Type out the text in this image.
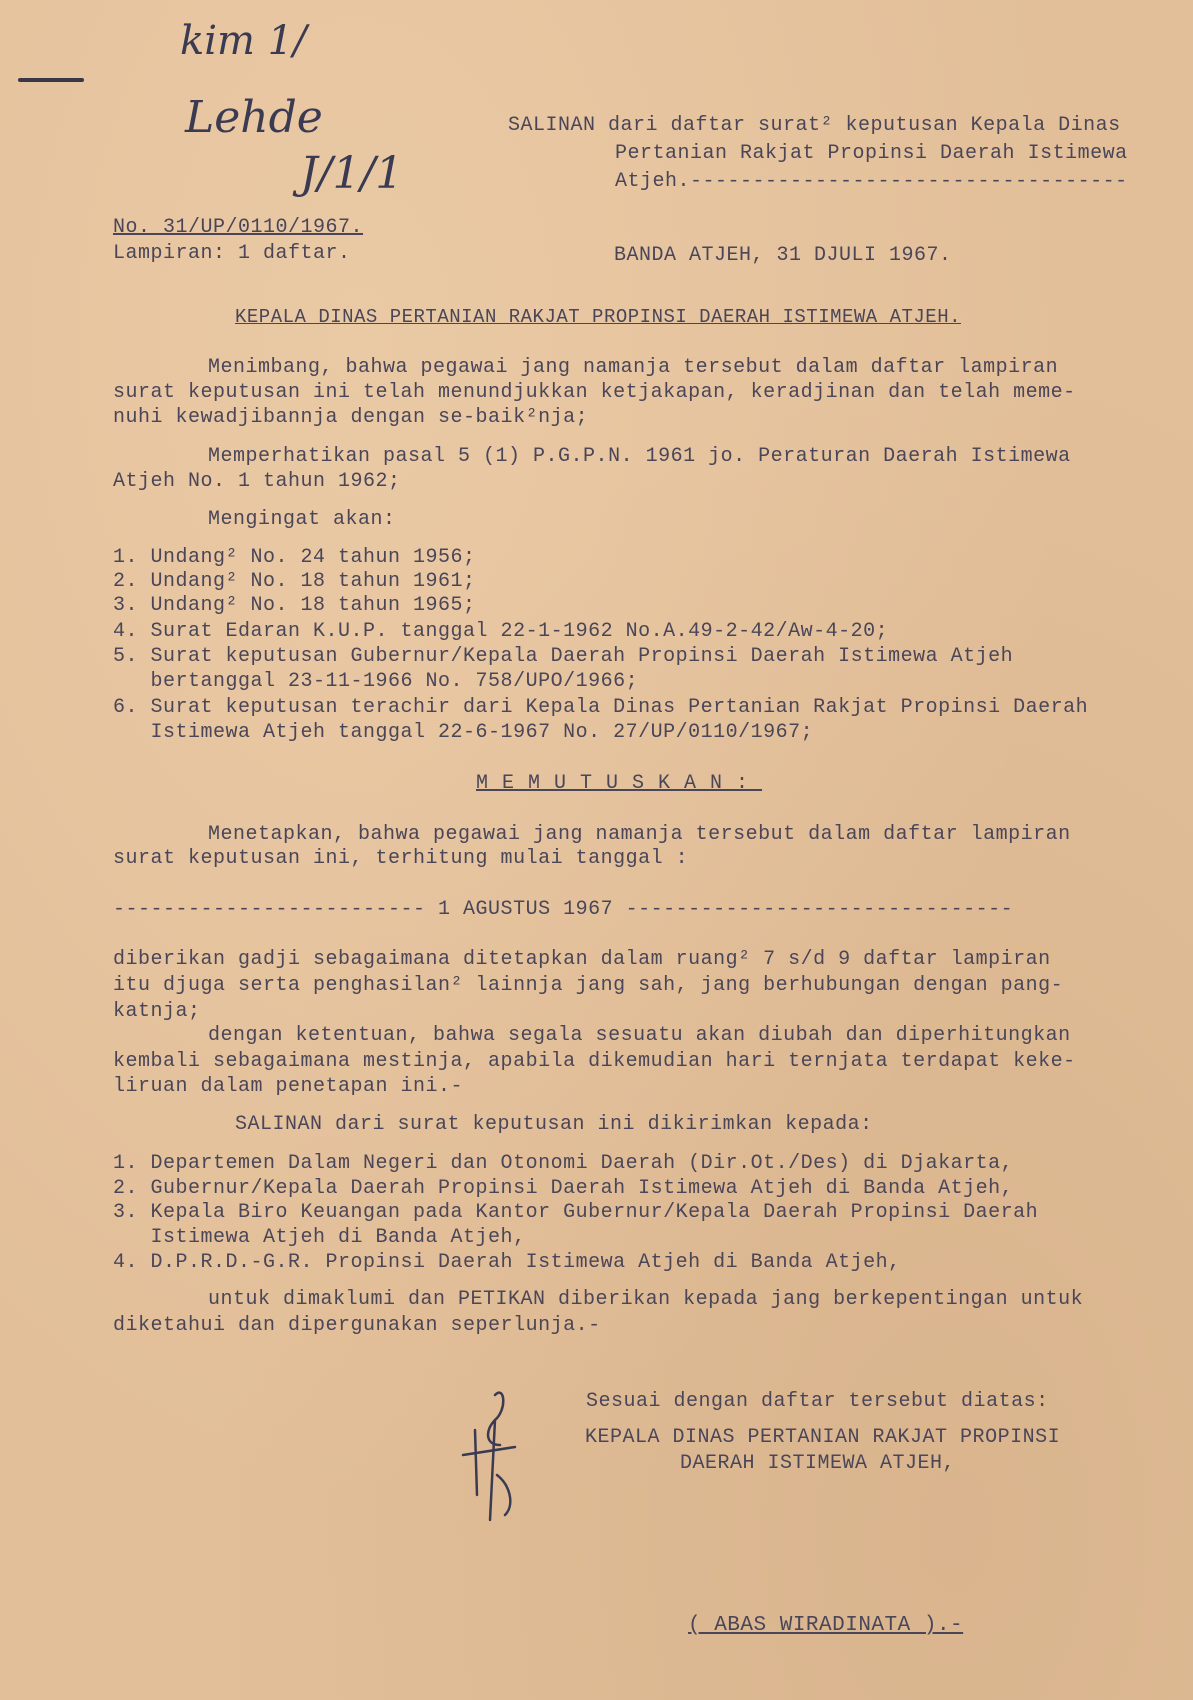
kim 1/
Lehde
J/1/1
SALINAN dari daftar surat² keputusan Kepala Dinas
Pertanian Rakjat Propinsi Daerah Istimewa
Atjeh.-----------------------------------
No. 31/UP/0110/1967.
Lampiran: 1 daftar.	BANDA ATJEH, 31 DJULI 1967.
KEPALA DINAS PERTANIAN RAKJAT PROPINSI DAERAH ISTIMEWA ATJEH.
Menimbang, bahwa pegawai jang namanja tersebut dalam daftar lampiran
surat keputusan ini telah menundjukkan ketjakapan, keradjinan dan telah meme-
nuhi kewadjibannja dengan se-baik²nja;
Memperhatikan pasal 5 (1) P.G.P.N. 1961 jo. Peraturan Daerah Istimewa
Atjeh No. 1 tahun 1962;
Mengingat akan:
1. Undang² No. 24 tahun 1956;
2. Undang² No. 18 tahun 1961;
3. Undang² No. 18 tahun 1965;
4. Surat Edaran K.U.P. tanggal 22-1-1962 No.A.49-2-42/Aw-4-20;
5. Surat keputusan Gubernur/Kepala Daerah Propinsi Daerah Istimewa Atjeh
bertanggal 23-11-1966 No. 758/UPO/1966;
6. Surat keputusan terachir dari Kepala Dinas Pertanian Rakjat Propinsi Daerah
Istimewa Atjeh tanggal 22-6-1967 No. 27/UP/0110/1967;
MEMUTUSKAN:
Menetapkan, bahwa pegawai jang namanja tersebut dalam daftar lampiran
surat keputusan ini, terhitung mulai tanggal :
------------------------- 1 AGUSTUS 1967 -------------------------------
diberikan gadji sebagaimana ditetapkan dalam ruang² 7 s/d 9 daftar lampiran
itu djuga serta penghasilan² lainnja jang sah, jang berhubungan dengan pang-
katnja;
dengan ketentuan, bahwa segala sesuatu akan diubah dan diperhitungkan
kembali sebagaimana mestinja, apabila dikemudian hari ternjata terdapat keke-
liruan dalam penetapan ini.-
SALINAN dari surat keputusan ini dikirimkan kepada:
1. Departemen Dalam Negeri dan Otonomi Daerah (Dir.Ot./Des) di Djakarta,
2. Gubernur/Kepala Daerah Propinsi Daerah Istimewa Atjeh di Banda Atjeh,
3. Kepala Biro Keuangan pada Kantor Gubernur/Kepala Daerah Propinsi Daerah
Istimewa Atjeh di Banda Atjeh,
4. D.P.R.D.-G.R. Propinsi Daerah Istimewa Atjeh di Banda Atjeh,
untuk dimaklumi dan PETIKAN diberikan kepada jang berkepentingan untuk
diketahui dan dipergunakan seperlunja.-
Sesuai dengan daftar tersebut diatas:
KEPALA DINAS PERTANIAN RAKJAT PROPINSI
DAERAH ISTIMEWA ATJEH,
( ABAS WIRADINATA ).-
